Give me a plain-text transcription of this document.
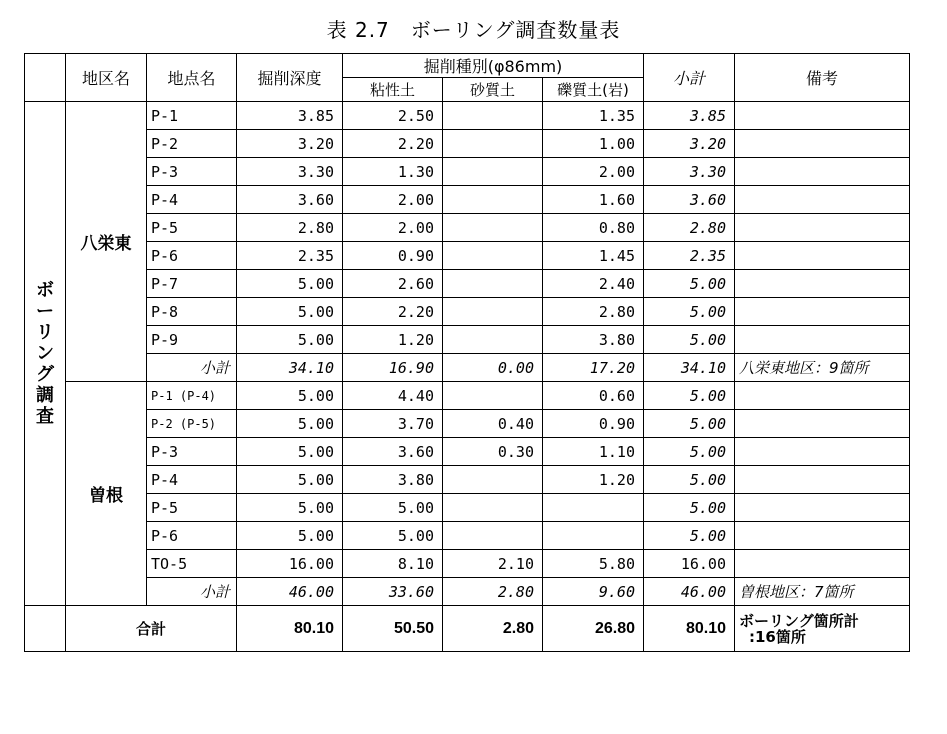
表 2.7　ボーリング調査数量表
	地区名	地点名	掘削深度	掘削種別(φ86mm)			小計	備考
				粘性土	砂質土	礫質土(岩)		
ボーリング調査	八栄東	P-1	3.85	2.50		1.35	3.85	
		P-2	3.20	2.20		1.00	3.20	
		P-3	3.30	1.30		2.00	3.30	
		P-4	3.60	2.00		1.60	3.60	
		P-5	2.80	2.00		0.80	2.80	
		P-6	2.35	0.90		1.45	2.35	
		P-7	5.00	2.60		2.40	5.00	
		P-8	5.00	2.20		2.80	5.00	
		P-9	5.00	1.20		3.80	5.00	
		小計	34.10	16.90	0.00	17.20	34.10	八栄東地区：9箇所
	曽根	P-1 (P-4)	5.00	4.40		0.60	5.00	
		P-2 (P-5)	5.00	3.70	0.40	0.90	5.00	
		P-3	5.00	3.60	0.30	1.10	5.00	
		P-4	5.00	3.80		1.20	5.00	
		P-5	5.00	5.00			5.00	
		P-6	5.00	5.00			5.00	
		TO-5	16.00	8.10	2.10	5.80	16.00	
		小計	46.00	33.60	2.80	9.60	46.00	曽根地区：7箇所
	合計		80.10	50.50	2.80	26.80	80.10	ボーリング箇所計
:16箇所
